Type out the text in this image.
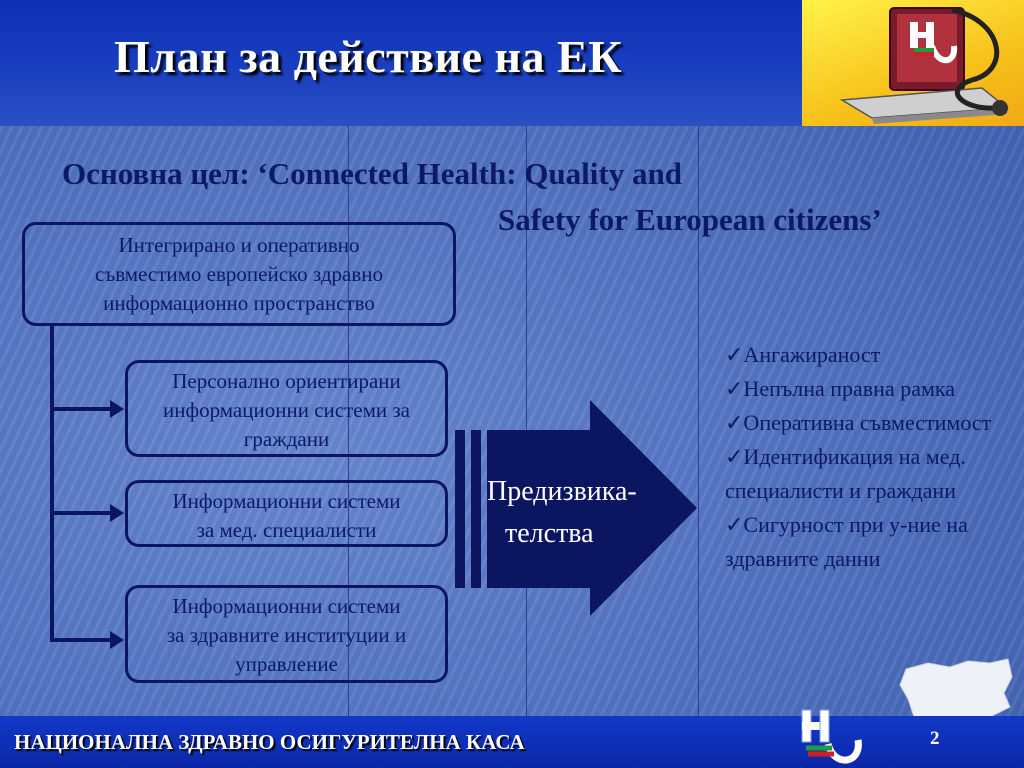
План за действие на ЕК
Основна цел: ‘Connected Health: Quality and
Safety for European citizens’
Интегрирано и оперативно
съвместимо европейско здравно
информационно пространство
Персонално ориентирани
информационни системи за
граждани
Информационни системи
за мед. специалисти
Информационни системи
за здравните институции и
управление
Предизвика-
телства
✓Ангажираност
✓Непълна правна рамка
✓Оперативна съвместимост
✓Идентификация на мед. специалисти и граждани
✓Сигурност при у-ние на здравните данни
НАЦИОНАЛНА ЗДРАВНО ОСИГУРИТЕЛНА КАСА	2
